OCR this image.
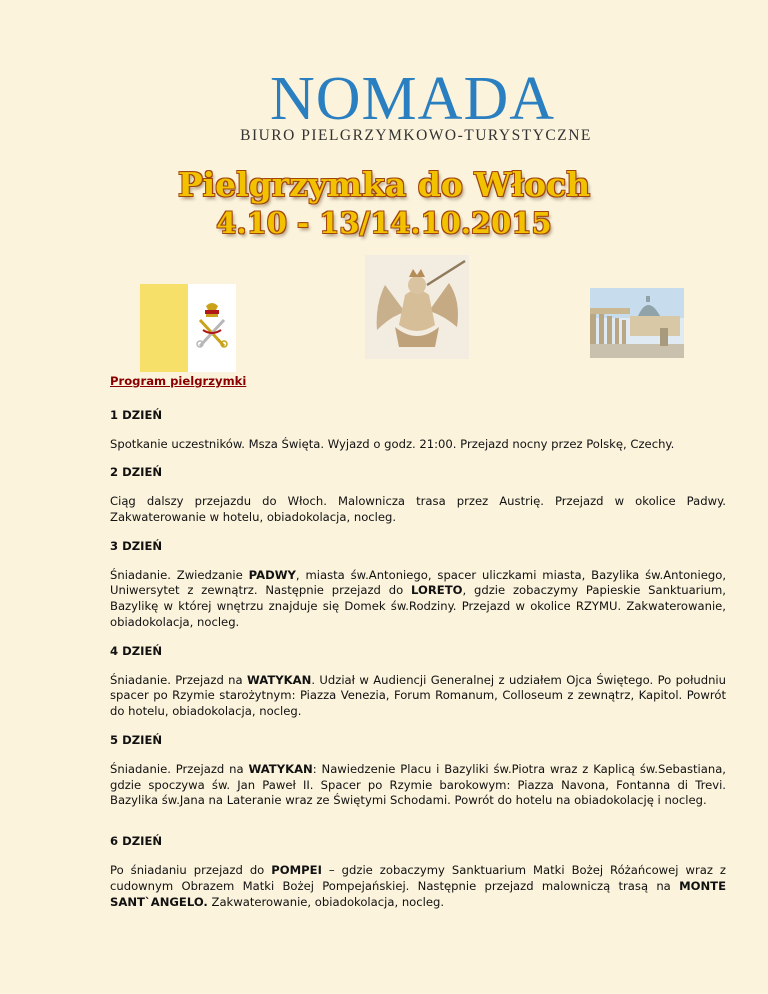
NOMADA
BIURO PIELGRZYMKOWO-TURYSTYCZNE
Pielgrzymka do Włoch
4.10 - 13/14.10.2015
Program pielgrzymki
1 DZIEŃ
Spotkanie uczestników. Msza Święta. Wyjazd o godz. 21:00. Przejazd nocny przez Polskę, Czechy.
2 DZIEŃ
Ciąg dalszy przejazdu do Włoch. Malownicza trasa przez Austrię. Przejazd w okolice Padwy. Zakwaterowanie w hotelu, obiadokolacja, nocleg.
3 DZIEŃ
Śniadanie. Zwiedzanie PADWY, miasta św.Antoniego, spacer uliczkami miasta, Bazylika św.Antoniego, Uniwersytet z zewnątrz. Następnie przejazd do LORETO, gdzie zobaczymy Papieskie Sanktuarium, Bazylikę w której wnętrzu znajduje się Domek św.Rodziny. Przejazd w okolice RZYMU. Zakwaterowanie, obiadokolacja, nocleg.
4 DZIEŃ
Śniadanie. Przejazd na WATYKAN. Udział w Audiencji Generalnej z udziałem Ojca Świętego. Po południu spacer po Rzymie starożytnym: Piazza Venezia, Forum Romanum, Colloseum z zewnątrz, Kapitol. Powrót do hotelu, obiadokolacja, nocleg.
5 DZIEŃ
Śniadanie. Przejazd na WATYKAN: Nawiedzenie Placu i Bazyliki św.Piotra wraz z Kaplicą św.Sebastiana, gdzie spoczywa św. Jan Paweł II. Spacer po Rzymie barokowym: Piazza Navona, Fontanna di Trevi. Bazylika św.Jana na Lateranie wraz ze Świętymi Schodami. Powrót do hotelu na obiadokolację i nocleg.
6 DZIEŃ
Po śniadaniu przejazd do POMPEI – gdzie zobaczymy Sanktuarium Matki Bożej Różańcowej wraz z cudownym Obrazem Matki Bożej Pompejańskiej. Następnie przejazd malowniczą trasą na MONTE SANT`ANGELO. Zakwaterowanie, obiadokolacja, nocleg.
